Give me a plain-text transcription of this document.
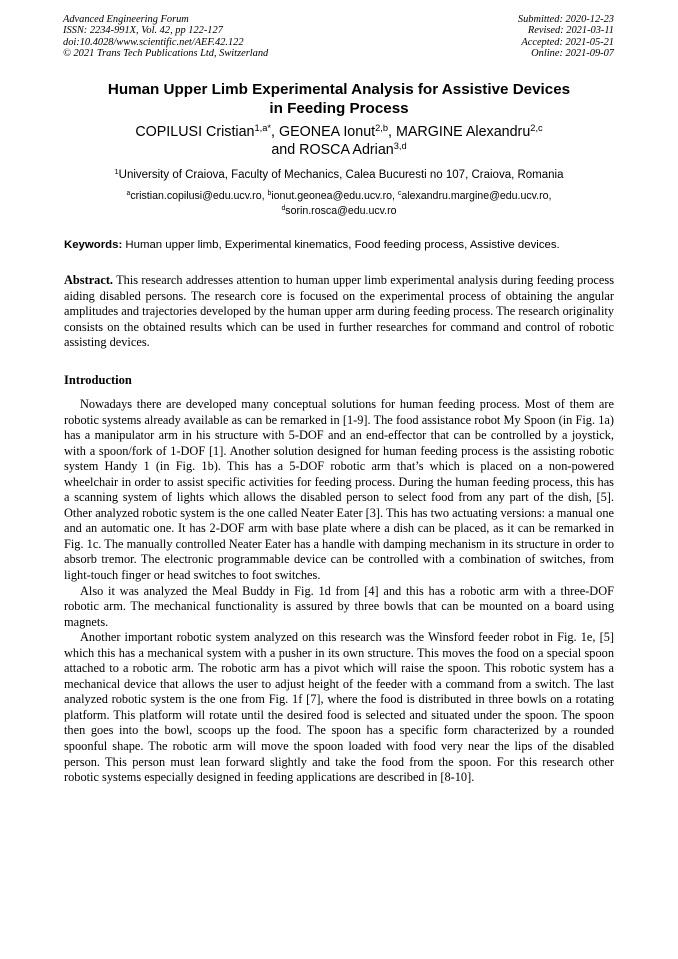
Advanced Engineering Forum
ISSN: 2234-991X, Vol. 42, pp 122-127
doi:10.4028/www.scientific.net/AEF.42.122
© 2021 Trans Tech Publications Ltd, Switzerland
Submitted: 2020-12-23
Revised: 2021-03-11
Accepted: 2021-05-21
Online: 2021-09-07
Human Upper Limb Experimental Analysis for Assistive Devices
in Feeding Process
COPILUSI Cristian$^{1,a*}$, GEONEA Ionut$^{2,b}$, MARGINE Alexandru$^{2,c}$
and ROSCA Adrian$^{3,d}$
$^1$University of Craiova, Faculty of Mechanics, Calea Bucuresti no 107, Craiova, Romania
$^a$cristian.copilusi@edu.ucv.ro, $^b$ionut.geonea@edu.ucv.ro, $^c$alexandru.margine@edu.ucv.ro,
$^d$sorin.rosca@edu.ucv.ro
Keywords: Human upper limb, Experimental kinematics, Food feeding process, Assistive devices.
Abstract. This research addresses attention to human upper limb experimental analysis during feeding process aiding disabled persons. The research core is focused on the experimental process of obtaining the angular amplitudes and trajectories developed by the human upper arm during feeding process. The research originality consists on the obtained results which can be used in further researches for command and control of robotic assisting devices.
Introduction

Nowadays there are developed many conceptual solutions for human feeding process. Most of them are robotic systems already available as can be remarked in [1-9]. The food assistance robot My Spoon (in Fig. 1a) has a manipulator arm in his structure with 5-DOF and an end-effector that can be controlled by a joystick, with a spoon/fork of 1-DOF [1]. Another solution designed for human feeding process is the assisting robotic system Handy 1 (in Fig. 1b). This has a 5-DOF robotic arm that’s which is placed on a non-powered wheelchair in order to assist specific activities for feeding process. During the human feeding process, this has a scanning system of lights which allows the disabled person to select food from any part of the dish, [5]. Other analyzed robotic system is the one called Neater Eater [3]. This has two actuating versions: a manual one and an automatic one. It has 2-DOF arm with base plate where a dish can be placed, as it can be remarked in Fig. 1c. The manually controlled Neater Eater has a handle with damping mechanism in its structure in order to absorb tremor. The electronic programmable device can be controlled with a combination of switches, from light-touch finger or head switches to foot switches.

Also it was analyzed the Meal Buddy in Fig. 1d from [4] and this has a robotic arm with a three-DOF robotic arm. The mechanical functionality is assured by three bowls that can be mounted on a board using magnets.

Another important robotic system analyzed on this research was the Winsford feeder robot in Fig. 1e, [5] which this has a mechanical system with a pusher in its own structure. This moves the food on a special spoon attached to a robotic arm. The robotic arm has a pivot which will raise the spoon. This robotic system has a mechanical device that allows the user to adjust height of the feeder with a command from a switch. The last analyzed robotic system is the one from Fig. 1f [7], where the food is distributed in three bowls on a rotating platform. This platform will rotate until the desired food is selected and situated under the spoon. The spoon then goes into the bowl, scoops up the food. The spoon has a specific form characterized by a rounded spoonful shape. The robotic arm will move the spoon loaded with food very near the lips of the disabled person. This person must lean forward slightly and take the food from the spoon. For this research other robotic systems especially designed in feeding applications are described in [8-10].
